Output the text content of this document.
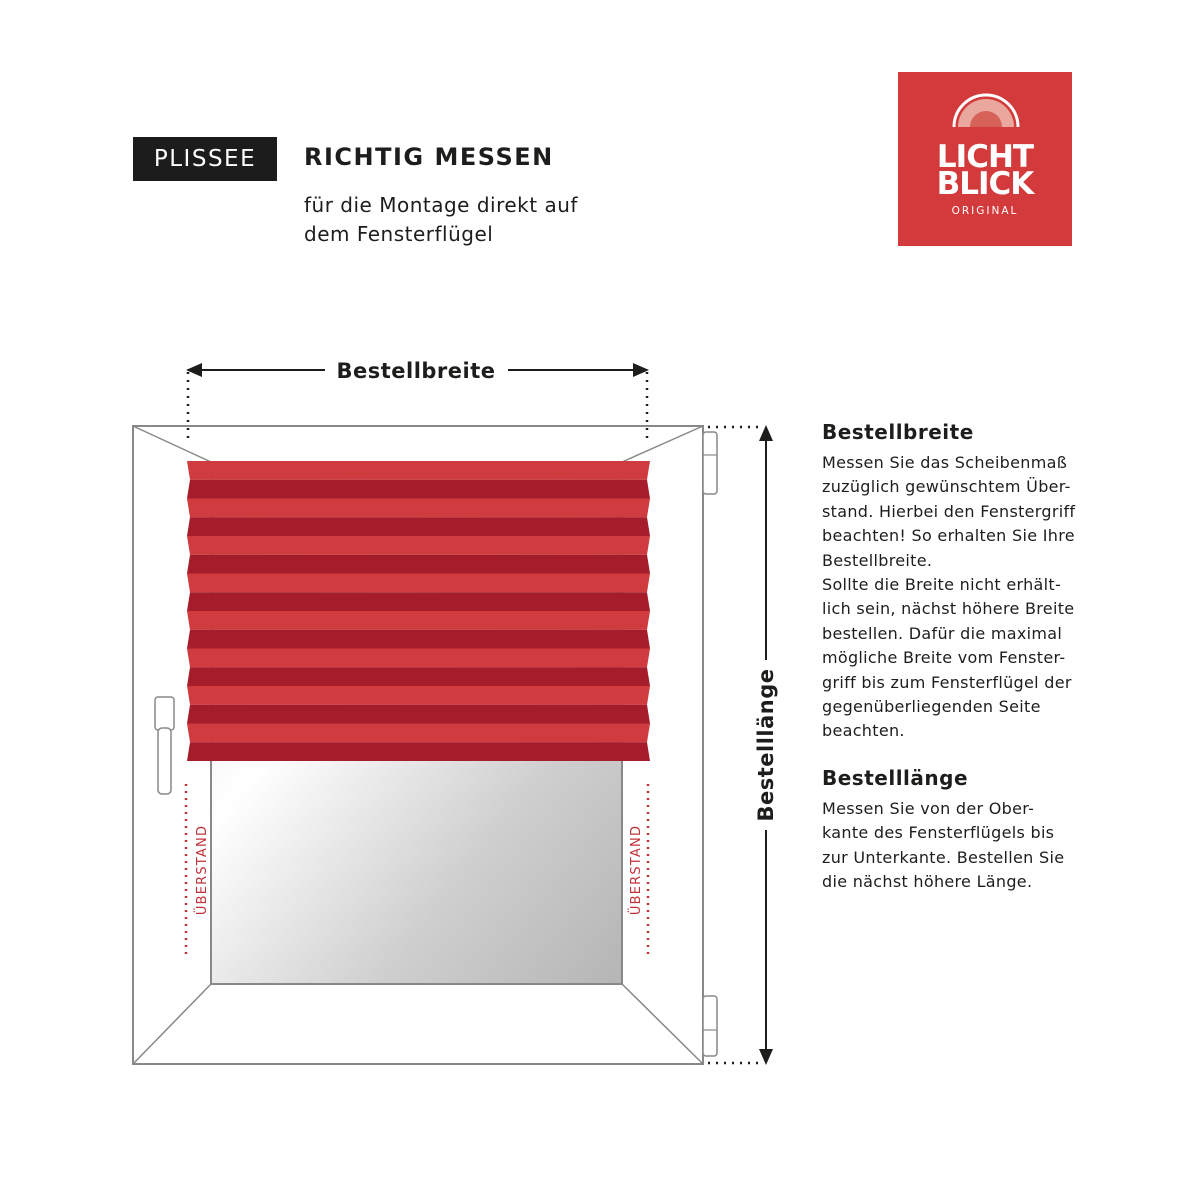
PLISSEE	RICHTIG MESSEN
für die Montage direkt auf
dem Fensterflügel
LICHT
BLICK
ORIGINAL
ÜBERSTAND	ÜBERSTAND
Bestellbreite
Bestelllänge
Bestellbreite
Messen Sie das Scheibenmaß
zuzüglich gewünschtem Über-
stand. Hierbei den Fenstergriff
beachten! So erhalten Sie Ihre
Bestellbreite.
Sollte die Breite nicht erhält-
lich sein, nächst höhere Breite
bestellen. Dafür die maximal
mögliche Breite vom Fenster-
griff bis zum Fensterflügel der
gegenüberliegenden Seite
beachten.
Bestelllänge
Messen Sie von der Ober-
kante des Fensterflügels bis
zur Unterkante. Bestellen Sie
die nächst höhere Länge.
